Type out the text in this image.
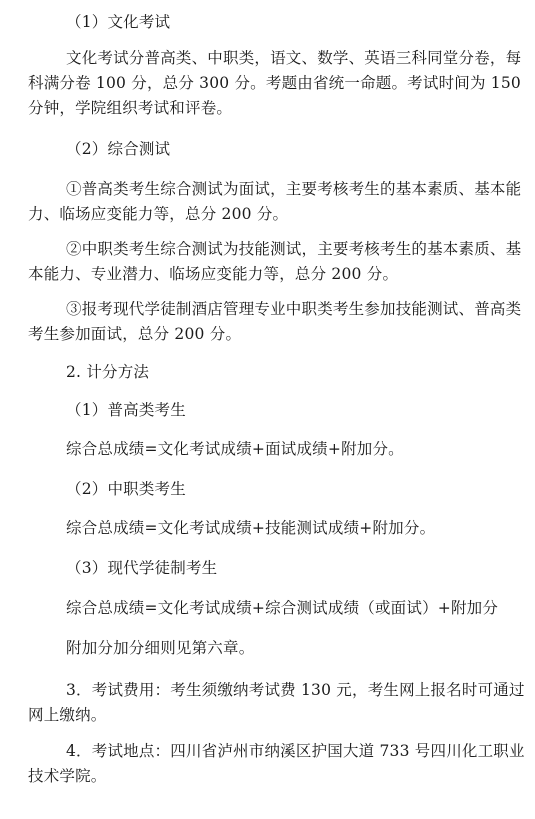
（1）文化考试
文化考试分普高类、中职类，语文、数学、英语三科同堂分卷，每科满分卷 100 分，总分 300 分。考题由省统一命题。考试时间为 150 分钟，学院组织考试和评卷。
（2）综合测试
①普高类考生综合测试为面试，主要考核考生的基本素质、基本能力、临场应变能力等，总分 200 分。
②中职类考生综合测试为技能测试，主要考核考生的基本素质、基本能力、专业潜力、临场应变能力等，总分 200 分。
③报考现代学徒制酒店管理专业中职类考生参加技能测试、普高类考生参加面试，总分 200 分。
2. 计分方法
（1）普高类考生
综合总成绩=文化考试成绩+面试成绩+附加分。
（2）中职类考生
综合总成绩=文化考试成绩+技能测试成绩+附加分。
（3）现代学徒制考生
综合总成绩=文化考试成绩+综合测试成绩（或面试）+附加分
附加分加分细则见第六章。
3．考试费用：考生须缴纳考试费 130 元，考生网上报名时可通过网上缴纳。
4．考试地点：四川省泸州市纳溪区护国大道 733 号四川化工职业技术学院。
